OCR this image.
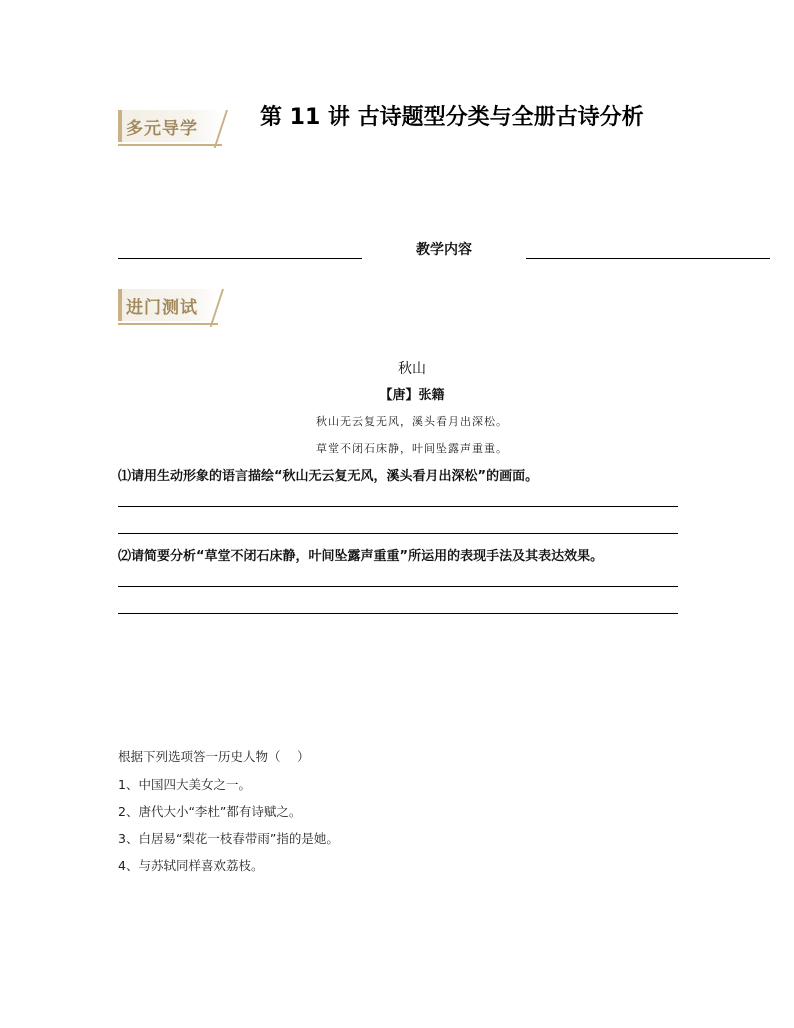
多元导学	第 11 讲 古诗题型分类与全册古诗分析
教学内容
进门测试
秋山
【唐】张籍
秋山无云复无风，溪头看月出深松。
草堂不闭石床静，叶间坠露声重重。
⑴请用生动形象的语言描绘“秋山无云复无风，溪头看月出深松”的画面。
⑵请简要分析“草堂不闭石床静，叶间坠露声重重”所运用的表现手法及其表达效果。
根据下列选项答一历史人物（　 ）
1、中国四大美女之一。
2、唐代大小“李杜”都有诗赋之。
3、白居易“梨花一枝春带雨”指的是她。
4、与苏轼同样喜欢荔枝。
